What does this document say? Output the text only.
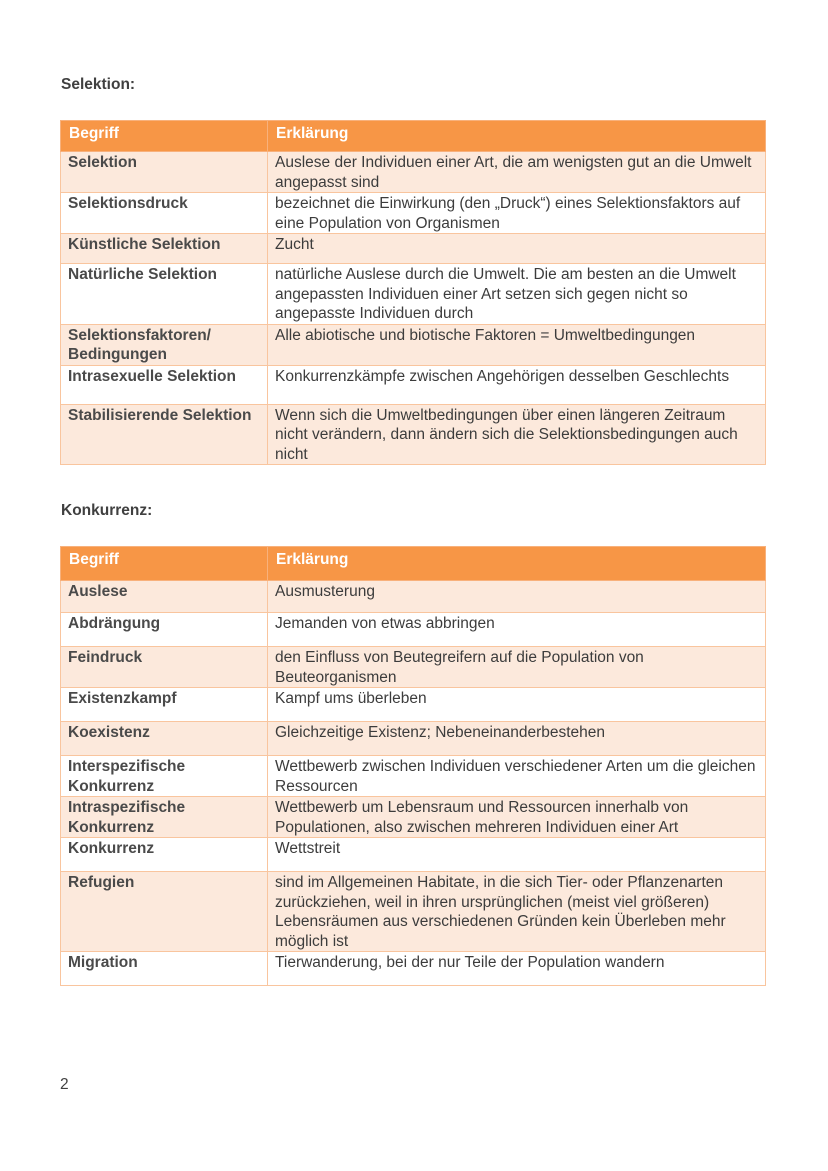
Selektion:
Begriff	Erklärung
Selektion	Auslese der Individuen einer Art, die am wenigsten gut an die Umwelt angepasst sind
Selektionsdruck	bezeichnet die Einwirkung (den „Druck“) eines Selektionsfaktors auf eine Population von Organismen
Künstliche Selektion	Zucht
Natürliche Selektion	natürliche Auslese durch die Umwelt. Die am besten an die Umwelt angepassten Individuen einer Art setzen sich gegen nicht so angepasste Individuen durch
Selektionsfaktoren/ Bedingungen	Alle abiotische und biotische Faktoren = Umweltbedingungen
Intrasexuelle Selektion	Konkurrenzkämpfe zwischen Angehörigen desselben Geschlechts
Stabilisierende Selektion	Wenn sich die Umweltbedingungen über einen längeren Zeitraum nicht verändern, dann ändern sich die Selektionsbedingungen auch nicht
Konkurrenz:
Begriff	Erklärung
Auslese	Ausmusterung
Abdrängung	Jemanden von etwas abbringen
Feindruck	den Einfluss von Beutegreifern auf die Population von Beuteorganismen
Existenzkampf	Kampf ums überleben
Koexistenz	Gleichzeitige Existenz; Nebeneinanderbestehen
Interspezifische Konkurrenz	Wettbewerb zwischen Individuen verschiedener Arten um die gleichen Ressourcen
Intraspezifische Konkurrenz	Wettbewerb um Lebensraum und Ressourcen innerhalb von Populationen, also zwischen mehreren Individuen einer Art
Konkurrenz	Wettstreit
Refugien	sind im Allgemeinen Habitate, in die sich Tier- oder Pflanzenarten zurückziehen, weil in ihren ursprünglichen (meist viel größeren) Lebensräumen aus verschiedenen Gründen kein Überleben mehr möglich ist
Migration	Tierwanderung, bei der nur Teile der Population wandern
2
